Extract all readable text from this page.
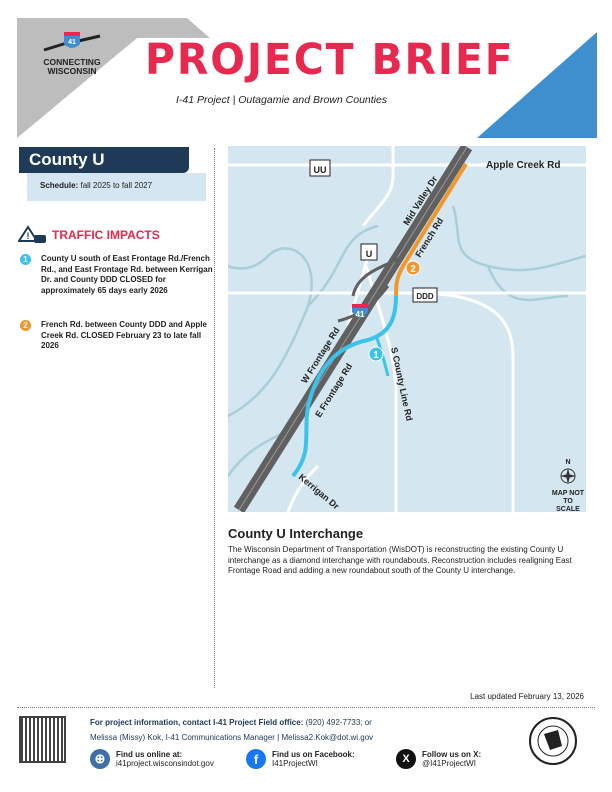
41
CONNECTING WISCONSIN PROJECT BRIEF
I-41 Project | Outagamie and Brown Counties
County U
Schedule: fall 2025 to fall 2027
! TRAFFIC IMPACTS
1	County U south of East Frontage Rd./French Rd., and East Frontage Rd. between Kerrigan Dr. and County DDD CLOSED for approximately 65 days early 2026
2	French Rd. between County DDD and Apple Creek Rd. CLOSED February 23 to late fall 2026
UU
U
DDD
41
1
2
Apple Creek Rd
Mid Valley Dr
French Rd
W Frontage Rd
E Frontage Rd	S County Line Rd
Kerrigan Dr
N
MAP NOT TO SCALE
County U Interchange
The Wisconsin Department of Transportation (WisDOT) is reconstructing the existing County U interchange as a diamond interchange with roundabouts. Reconstruction includes realigning East Frontage Road and adding a new roundabout south of the County U interchange.
Last updated February 13, 2026
For project information, contact I-41 Project Field office: (920) 492-7733; or
Melissa (Missy) Kok, I-41 Communications Manager | Melissa2.Kok@dot.wi.gov
⊕	Find us online at:
i41project.wisconsindot.gov	f	Find us on Facebook:
I41ProjectWI	X	Follow us on X:
@I41ProjectWI
